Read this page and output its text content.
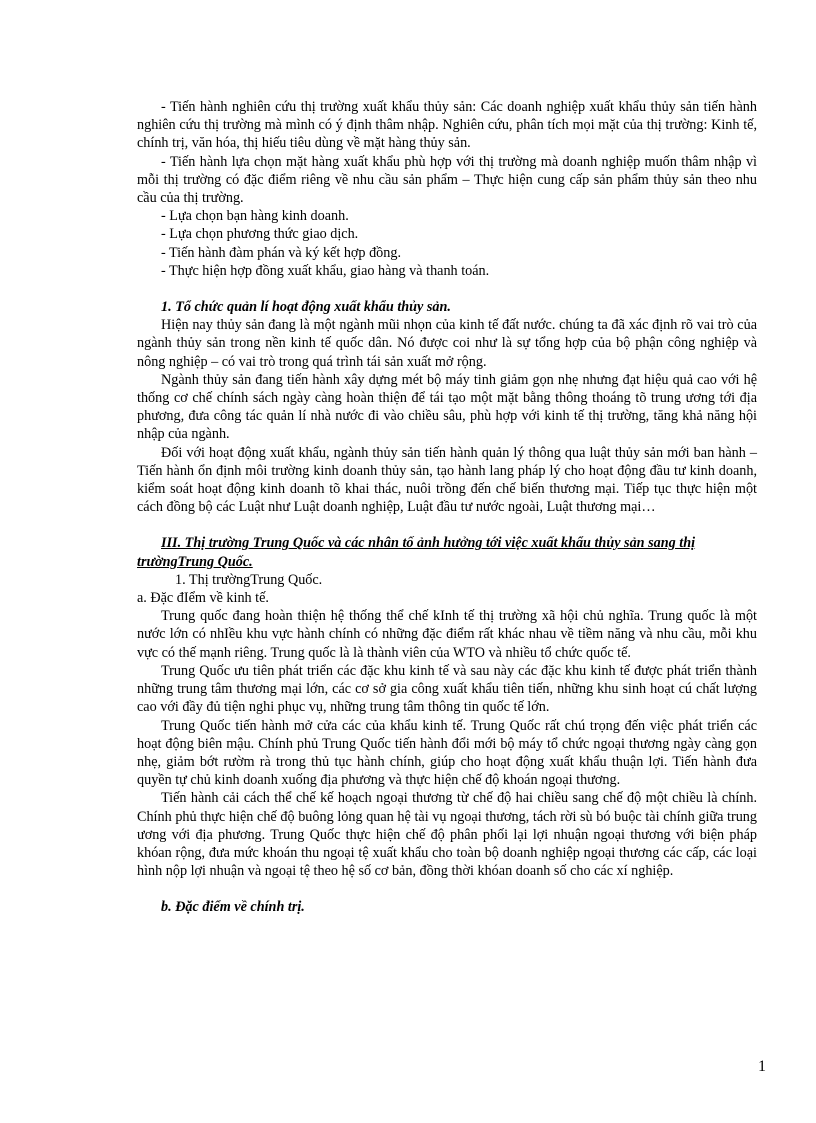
- Tiến hành nghiên cứu thị trường xuất khẩu thủy sản: Các doanh nghiệp xuất khẩu thủy sản tiến hành nghiên cứu thị trường mà mình có ý định thâm nhập. Nghiên cứu, phân tích mọi mặt của thị trường: Kinh tế, chính trị, văn hóa, thị hiếu tiêu dùng về mặt hàng thủy sản.

- Tiến hành lựa chọn mặt hàng xuất khẩu phù hợp với thị trường mà doanh nghiệp muốn thâm nhập vì mỗi thị trường có đặc điểm riêng về nhu cầu sản phẩm – Thực hiện cung cấp sản phẩm thủy sản theo nhu cầu của thị trường.

- Lựa chọn bạn hàng kinh doanh.

- Lựa chọn phương thức giao dịch.

- Tiến hành đàm phán và ký kết hợp đồng.

- Thực hiện hợp đồng xuất khẩu, giao hàng và thanh toán.

1. Tổ chức quản lí hoạt động xuất khẩu thủy sản.

Hiện nay thủy sản đang là một ngành mũi nhọn của kinh tế đất nước. chúng ta đã xác định rõ vai trò của ngành thủy sản trong nền kinh tế quốc dân. Nó được coi như là sự tổng hợp của bộ phận công nghiệp và nông nghiệp – có vai trò trong quá trình tái sản xuất mở rộng.

Ngành thủy sản đang tiến hành xây dựng mét bộ máy tinh giảm gọn nhẹ nhưng đạt hiệu quả cao với hệ thống cơ chế chính sách ngày càng hoàn thiện để tái tạo một mặt bằng thông thoáng tõ trung ương tới địa phương, đưa công tác quản lí nhà nước đi vào chiều sâu, phù hợp với kinh tế thị trường, tăng khả năng hội nhập của ngành.

Đối với hoạt động xuất khẩu, ngành thủy sản tiến hành quản lý thông qua luật thủy sản mới ban hành – Tiến hành ổn định môi trường kinh doanh thủy sản, tạo hành lang pháp lý cho hoạt động đầu tư kinh doanh, kiểm soát hoạt động kinh doanh tõ khai thác, nuôi trồng đến chế biến thương mại. Tiếp tục thực hiện một cách đồng bộ các Luật như Luật doanh nghiệp, Luật đầu tư nước ngoài, Luật thương mại…

III. Thị trường Trung Quốc và các nhân tố ảnh hưởng tới việc xuất khẩu thủy sản sang thị trườngTrung Quốc.

1. Thị trườngTrung Quốc.

a. Đặc đIểm về kinh tế.

Trung quốc đang hoàn thiện hệ thống thể chế kInh tế thị trường xã hội chủ nghĩa. Trung quốc là một nước lớn có nhIều khu vực hành chính có những đặc điểm rất khác nhau về tiềm năng và nhu cầu, mỗi khu vực có thế mạnh riêng. Trung quốc là là thành viên của WTO và nhiều tổ chức quốc tế.

Trung Quốc ưu tiên phát triển các đặc khu kinh tế và sau này các đặc khu kinh tế được phát triển thành những trung tâm thương mại lớn, các cơ sở gia công xuất khẩu tiên tiến, những khu sinh hoạt cú chất lượng cao với đầy đủ tiện nghi phục vụ, những trung tâm thông tin quốc tế lớn.

Trung Quốc tiến hành mở cửa các của khẩu kinh tế. Trung Quốc rất chú trọng đến việc phát triển các hoạt động biên mậu. Chính phủ Trung Quốc tiến hành đổi mới bộ máy tổ chức ngoại thương ngày càng gọn nhẹ, giảm bớt rườm rà trong thủ tục hành chính, giúp cho hoạt động xuất khẩu thuận lợi. Tiến hành đưa quyền tự chủ kinh doanh xuống địa phương và thực hiện chế độ khoán ngoại thương.

Tiến hành cải cách thể chế kế hoạch ngoại thương từ chế độ hai chiều sang chế độ một chiều là chính. Chính phủ thực hiện chế độ buông lỏng quan hệ tài vụ ngoại thương, tách rời sù bó buộc tài chính giữa trung ương với địa phương. Trung Quốc thực hiện chế độ phân phối lại lợi nhuận ngoại thương với biện pháp khóan rộng, đưa mức khoán thu ngoại tệ xuất khẩu cho toàn bộ doanh nghiệp ngoại thương các cấp, các loại hình nộp lợi nhuận và ngoại tệ theo hệ số cơ bản, đồng thời khóan doanh số cho các xí nghiệp.

b. Đặc điểm về chính trị.

1
